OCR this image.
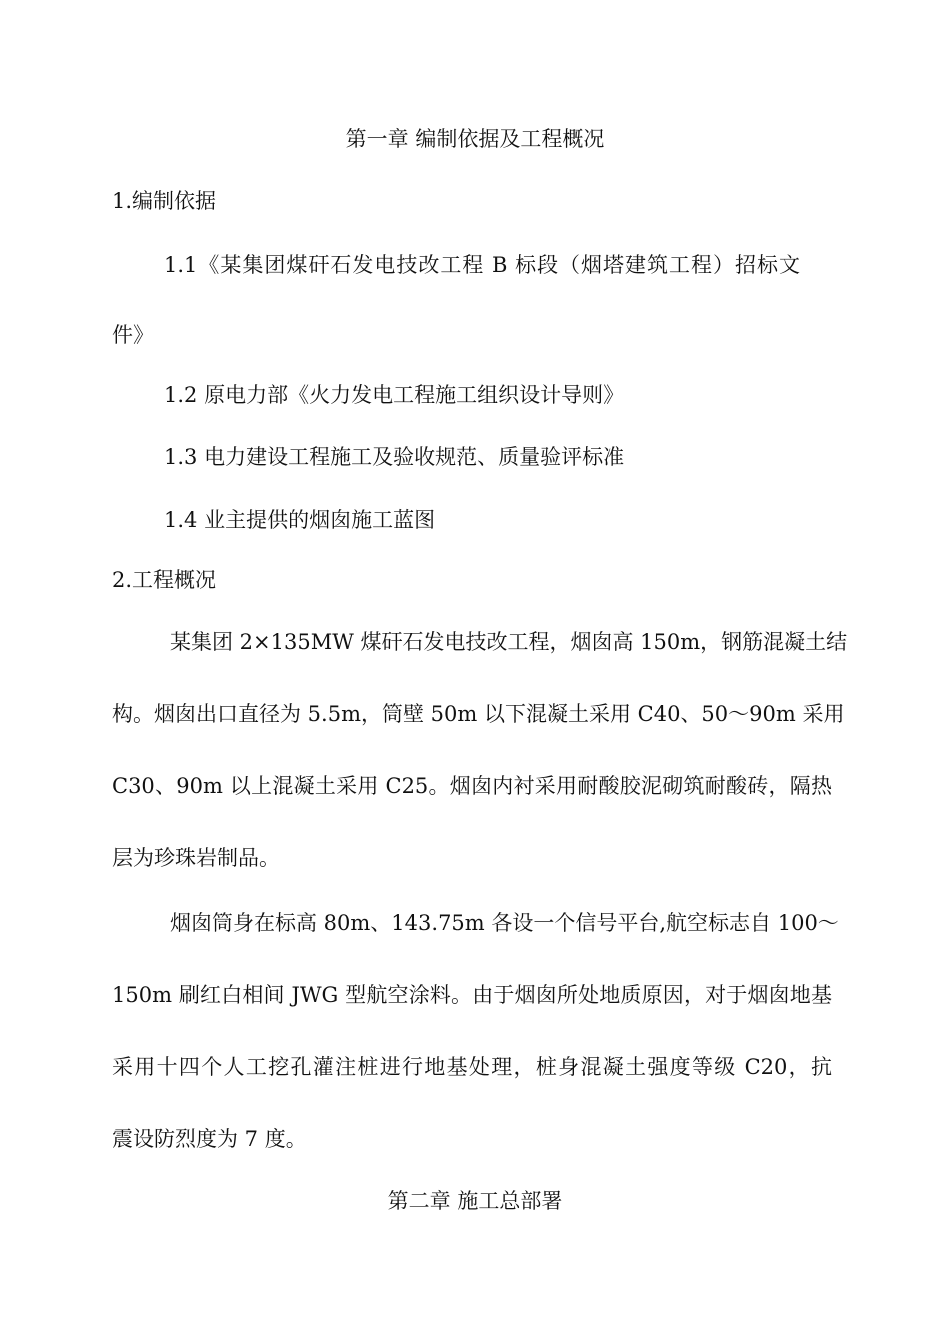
第一章 编制依据及工程概况
1.编制依据

1.1《某集团煤矸石发电技改工程 B 标段（烟塔建筑工程）招标文

件》

1.2 原电力部《火力发电工程施工组织设计导则》

1.3 电力建设工程施工及验收规范、质量验评标准

1.4 业主提供的烟囱施工蓝图

2.工程概况

某集团 2×135MW 煤矸石发电技改工程，烟囱高 150m，钢筋混凝土结

构。烟囱出口直径为 5.5m，筒壁 50m 以下混凝土采用 C40、50～90m 采用

C30、90m 以上混凝土采用 C25。烟囱内衬采用耐酸胶泥砌筑耐酸砖，隔热

层为珍珠岩制品。

烟囱筒身在标高 80m、143.75m 各设一个信号平台,航空标志自 100～

150m 刷红白相间 JWG 型航空涂料。由于烟囱所处地质原因，对于烟囱地基

采用十四个人工挖孔灌注桩进行地基处理，桩身混凝土强度等级 C20，抗

震设防烈度为 7 度。

第二章 施工总部署
